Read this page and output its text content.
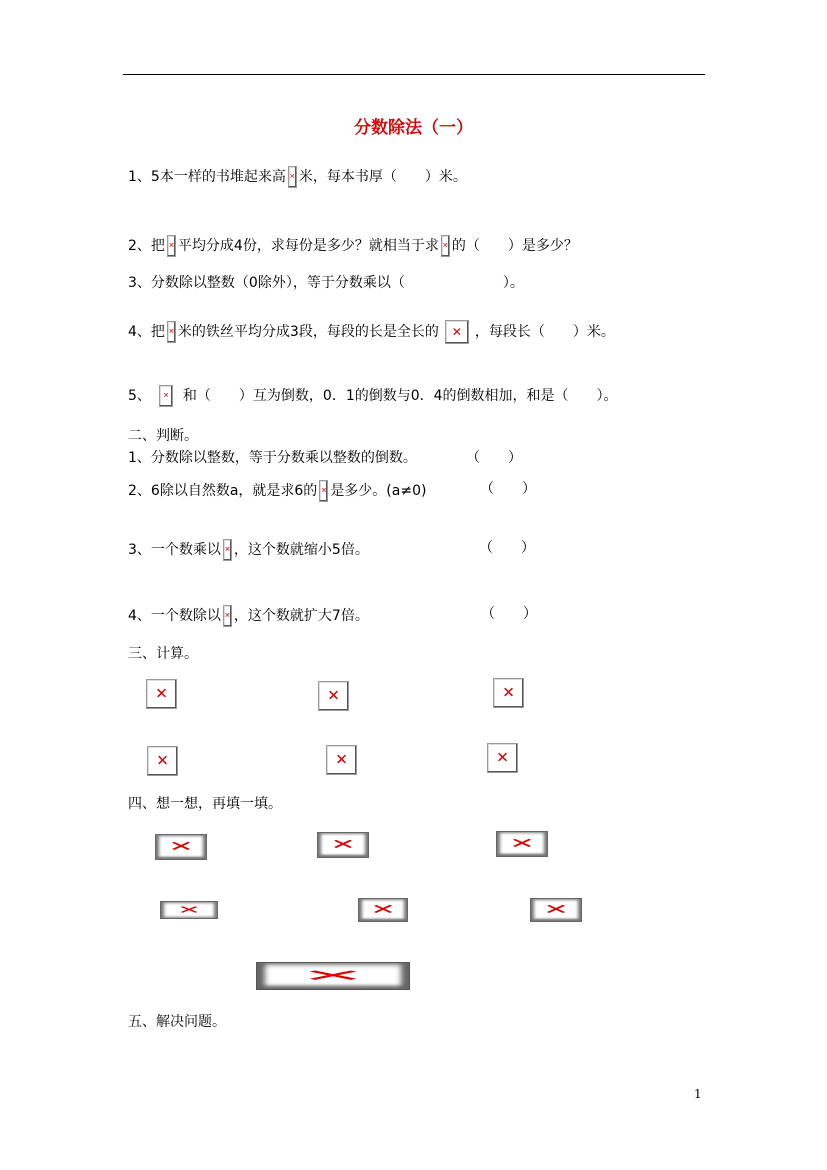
分数除法（一）
1、5本一样的书堆起来高 ✕ 米，每本书厚（　　）米。
2、把 ✕ 平均分成4份，求每份是多少？就相当于求 ✕ 的（　　）是多少？
3、分数除以整数（0除外），等于分数乘以（　　　　　　　）。
4、把 ✕ 米的铁丝平均分成3段，每段的长是全长的 ✕	，每段长（　　）米。
5、 ✕ 和（　　）互为倒数，0．1的倒数与0．4的倒数相加，和是（　　）。
二、判断。
1、分数除以整数，等于分数乘以整数的倒数。	（　　）
2、6除以自然数a，就是求6的 ✕ 是多少。(a≠0)	（　　）
3、一个数乘以 ✕ ，这个数就缩小5倍。	（　　）
4、一个数除以 ✕ ，这个数就扩大7倍。	（　　）
三、计算。
✕
✕
✕
✕
✕
✕
四、想一想，再填一填。
✕
✕
✕
✕
✕
✕
✕
五、解决问题。
1
